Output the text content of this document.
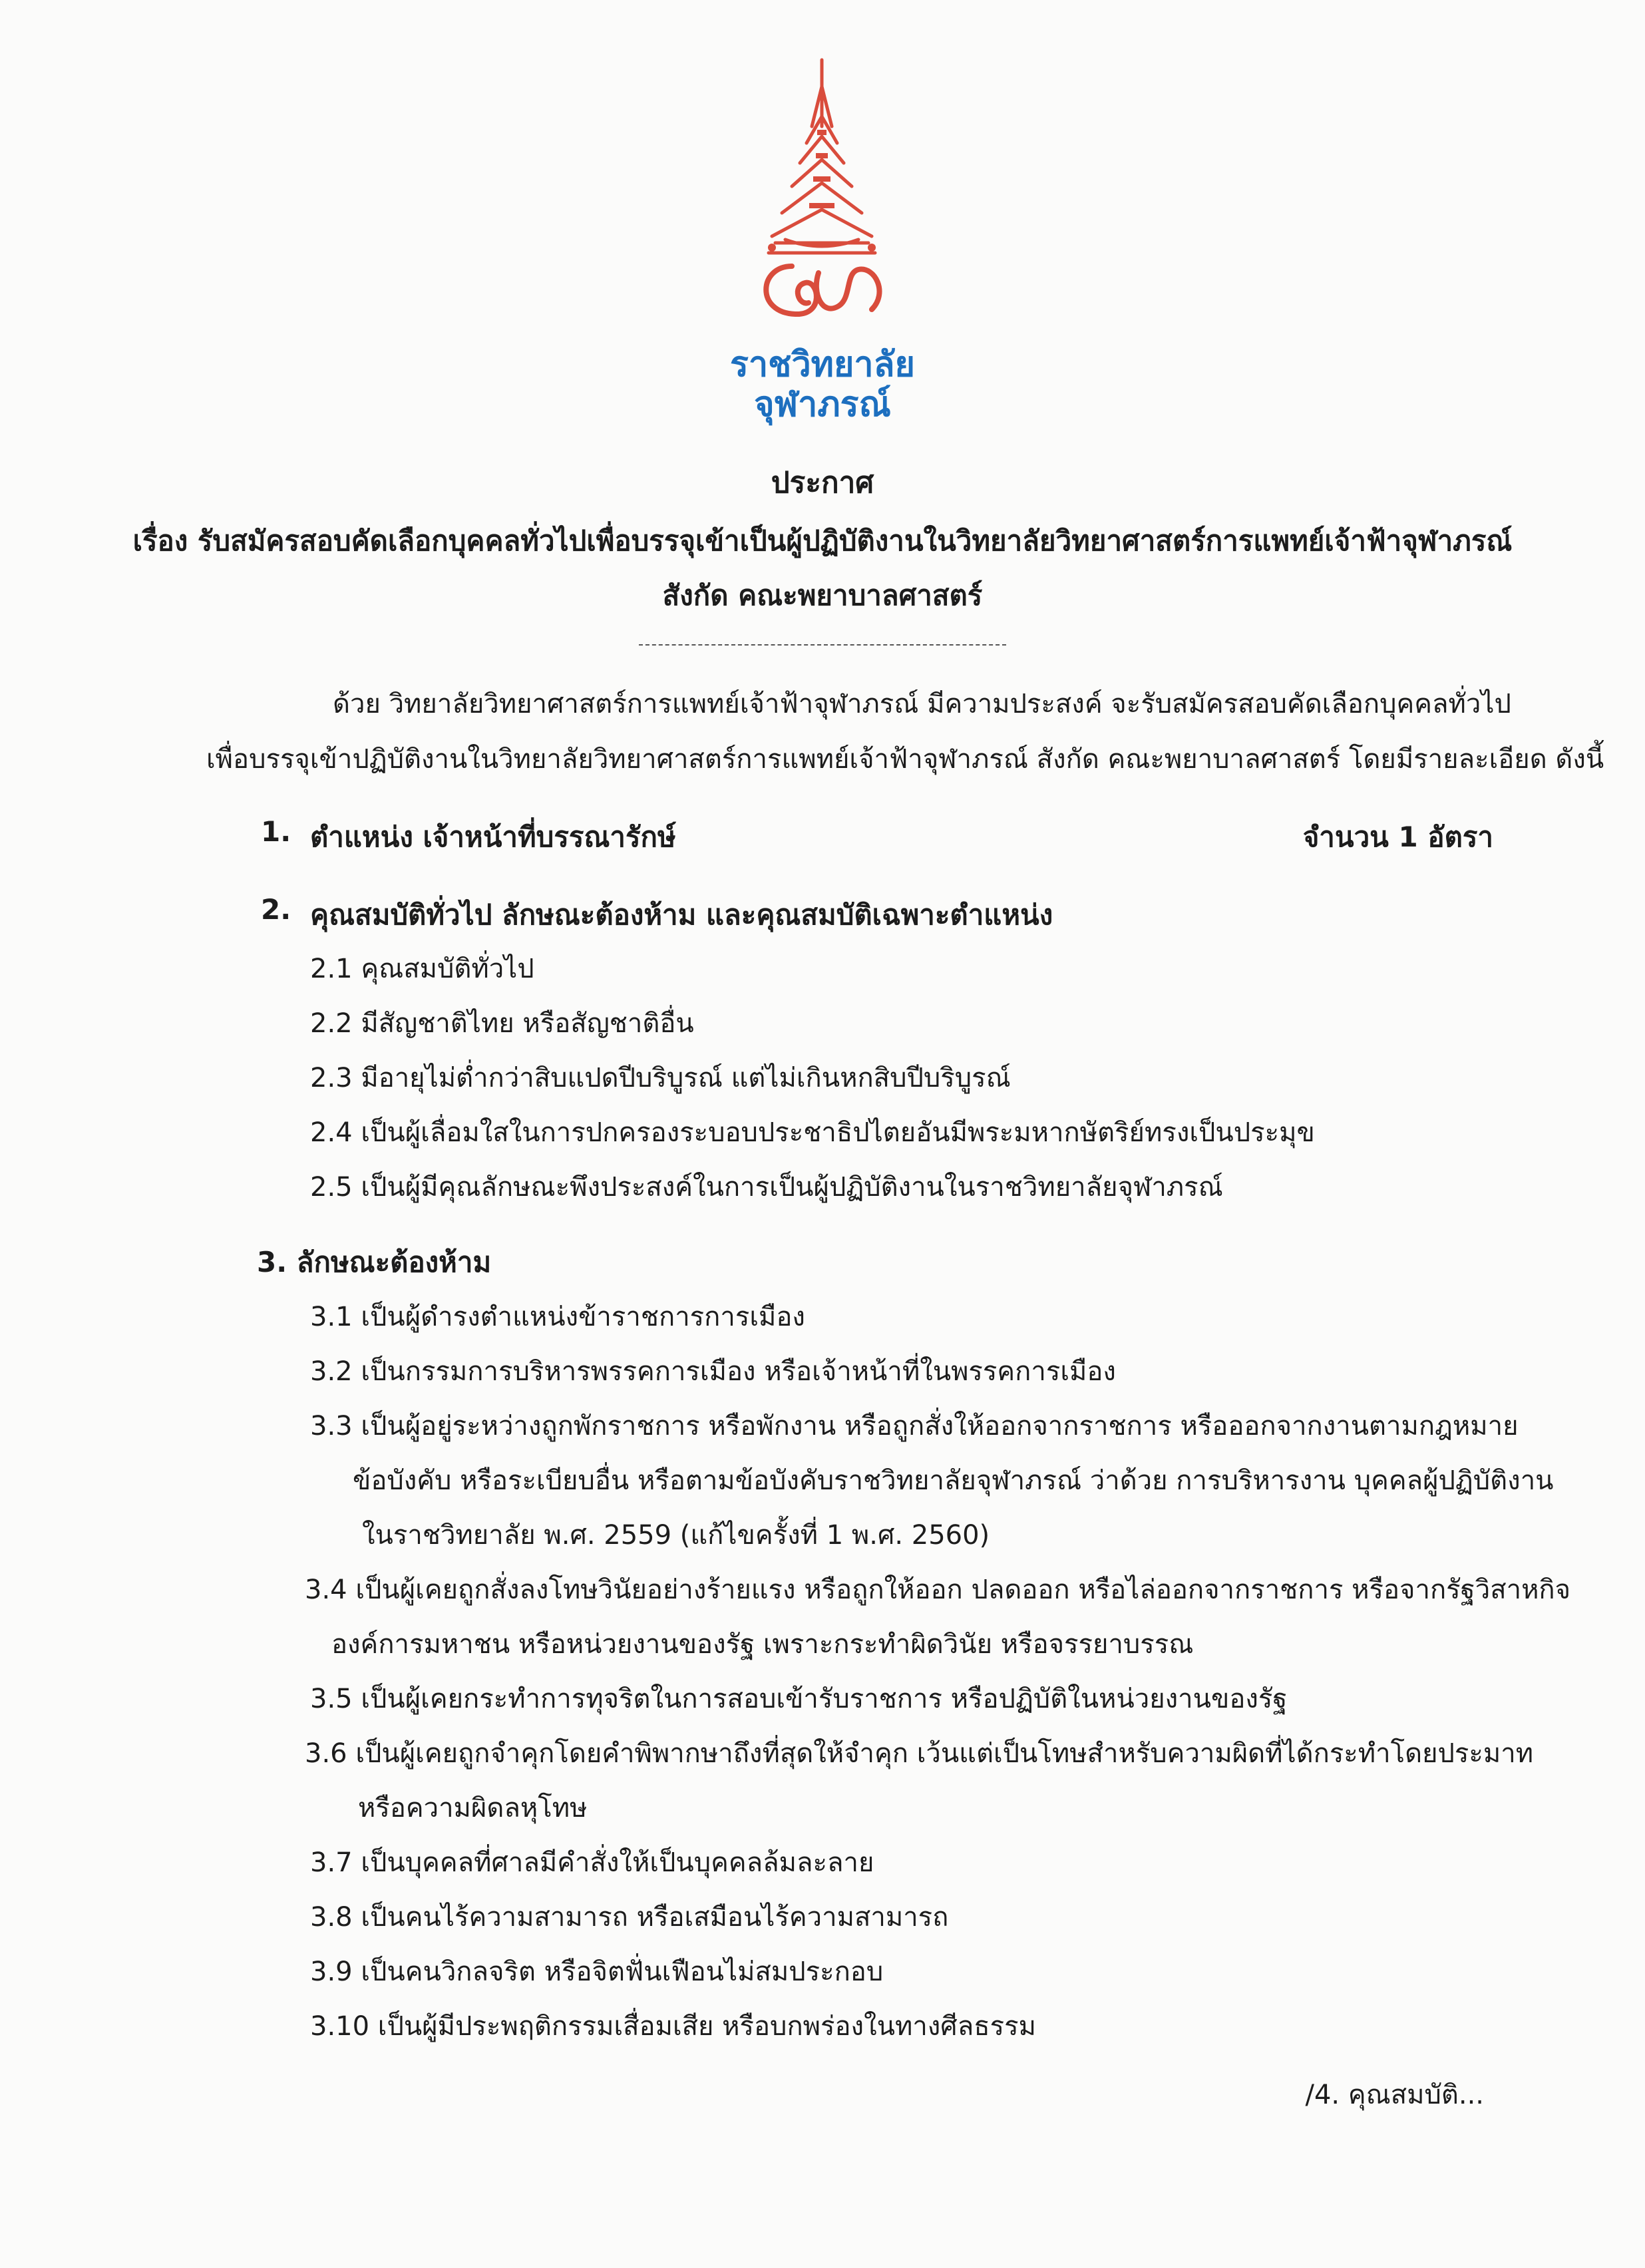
ราชวิทยาลัย
จุฬาภรณ์
ประกาศ
เรื่อง รับสมัครสอบคัดเลือกบุคคลทั่วไปเพื่อบรรจุเข้าเป็นผู้ปฏิบัติงานในวิทยาลัยวิทยาศาสตร์การแพทย์เจ้าฟ้าจุฬาภรณ์
สังกัด คณะพยาบาลศาสตร์
ด้วย วิทยาลัยวิทยาศาสตร์การแพทย์เจ้าฟ้าจุฬาภรณ์ มีความประสงค์ จะรับสมัครสอบคัดเลือกบุคคลทั่วไป
เพื่อบรรจุเข้าปฏิบัติงานในวิทยาลัยวิทยาศาสตร์การแพทย์เจ้าฟ้าจุฬาภรณ์ สังกัด คณะพยาบาลศาสตร์ โดยมีรายละเอียด ดังนี้
1. ตำแหน่ง เจ้าหน้าที่บรรณารักษ์	จำนวน 1 อัตรา
2. คุณสมบัติทั่วไป ลักษณะต้องห้าม และคุณสมบัติเฉพาะตำแหน่ง
2.1 คุณสมบัติทั่วไป
2.2 มีสัญชาติไทย หรือสัญชาติอื่น
2.3 มีอายุไม่ต่ำกว่าสิบแปดปีบริบูรณ์ แต่ไม่เกินหกสิบปีบริบูรณ์
2.4 เป็นผู้เลื่อมใสในการปกครองระบอบประชาธิปไตยอันมีพระมหากษัตริย์ทรงเป็นประมุข
2.5 เป็นผู้มีคุณลักษณะพึงประสงค์ในการเป็นผู้ปฏิบัติงานในราชวิทยาลัยจุฬาภรณ์
3. ลักษณะต้องห้าม
3.1 เป็นผู้ดำรงตำแหน่งข้าราชการการเมือง
3.2 เป็นกรรมการบริหารพรรคการเมือง หรือเจ้าหน้าที่ในพรรคการเมือง
3.3 เป็นผู้อยู่ระหว่างถูกพักราชการ หรือพักงาน หรือถูกสั่งให้ออกจากราชการ หรือออกจากงานตามกฎหมาย
ข้อบังคับ หรือระเบียบอื่น หรือตามข้อบังคับราชวิทยาลัยจุฬาภรณ์ ว่าด้วย การบริหารงาน บุคคลผู้ปฏิบัติงาน
ในราชวิทยาลัย พ.ศ. 2559 (แก้ไขครั้งที่ 1 พ.ศ. 2560)
3.4 เป็นผู้เคยถูกสั่งลงโทษวินัยอย่างร้ายแรง หรือถูกให้ออก ปลดออก หรือไล่ออกจากราชการ หรือจากรัฐวิสาหกิจ
องค์การมหาชน หรือหน่วยงานของรัฐ เพราะกระทำผิดวินัย หรือจรรยาบรรณ
3.5 เป็นผู้เคยกระทำการทุจริตในการสอบเข้ารับราชการ หรือปฏิบัติในหน่วยงานของรัฐ
3.6 เป็นผู้เคยถูกจำคุกโดยคำพิพากษาถึงที่สุดให้จำคุก เว้นแต่เป็นโทษสำหรับความผิดที่ได้กระทำโดยประมาท
หรือความผิดลหุโทษ
3.7 เป็นบุคคลที่ศาลมีคำสั่งให้เป็นบุคคลล้มละลาย
3.8 เป็นคนไร้ความสามารถ หรือเสมือนไร้ความสามารถ
3.9 เป็นคนวิกลจริต หรือจิตฟั่นเฟือนไม่สมประกอบ
3.10 เป็นผู้มีประพฤติกรรมเสื่อมเสีย หรือบกพร่องในทางศีลธรรม
/4. คุณสมบัติ...
